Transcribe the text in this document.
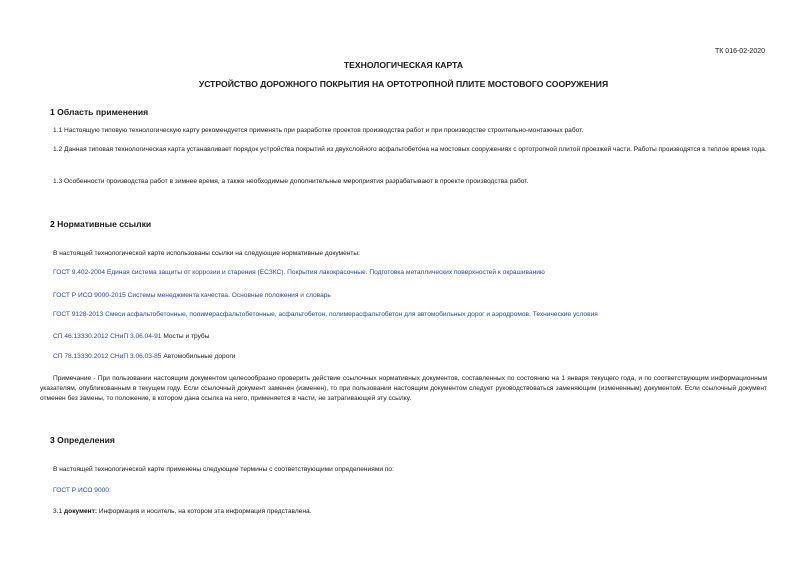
ТК 016-02-2020
ТЕХНОЛОГИЧЕСКАЯ КАРТА
УСТРОЙСТВО ДОРОЖНОГО ПОКРЫТИЯ НА ОРТОТРОПНОЙ ПЛИТЕ МОСТОВОГО СООРУЖЕНИЯ
1 Область применения
1.1 Настоящую типовую технологическую карту рекомендуется применять при разработке проектов производства работ и при производстве строительно-монтажных работ.
1.2 Данная типовая технологическая карта устанавливает порядок устройства покрытий из двухслойного асфальтобетона на мостовых сооружениях с ортотропной плитой проезжей части. Работы производятся в теплое время года.
1.3 Особенности производства работ в зимнее время, а также необходимые дополнительные мероприятия разрабатывают в проекте производства работ.
2 Нормативные ссылки
В настоящей технологической карте использованы ссылки на следующие нормативные документы:
ГОСТ 9.402-2004 Единая система защиты от коррозии и старения (ЕСЗКС). Покрытия лакокрасочные. Подготовка металлических поверхностей к окрашиванию
ГОСТ Р ИСО 9000-2015 Системы менеджмента качества. Основные положения и словарь
ГОСТ 9128-2013 Смеси асфальтобетонные, полимерасфальтобетонные, асфальтобетон, полимерасфальтобетон для автомобильных дорог и аэродромов. Технические условия
СП 46.13330.2012 СНиП 3.06.04-91 Мосты и трубы
СП 78.13330.2012 СНиП 3.06.03-85 Автомобильные дороги
Примечание - При пользовании настоящим документом целесообразно проверить действие ссылочных нормативных документов, составленных по состоянию на 1 января текущего года, и по соответствующим информационным указателям, опубликованным в текущем году. Если ссылочный документ заменен (изменен), то при пользовании настоящим документом следует руководствоваться заменяющим (измененным) документом. Если ссылочный документ отменен без замены, то положение, в котором дана ссылка на него, применяется в части, не затрагивающей эту ссылку.
3 Определения
В настоящей технологической карте применены следующие термины с соответствующими определениями по:
ГОСТ Р ИСО 9000:
3.1 документ: Информация и носитель, на котором эта информация представлена.
